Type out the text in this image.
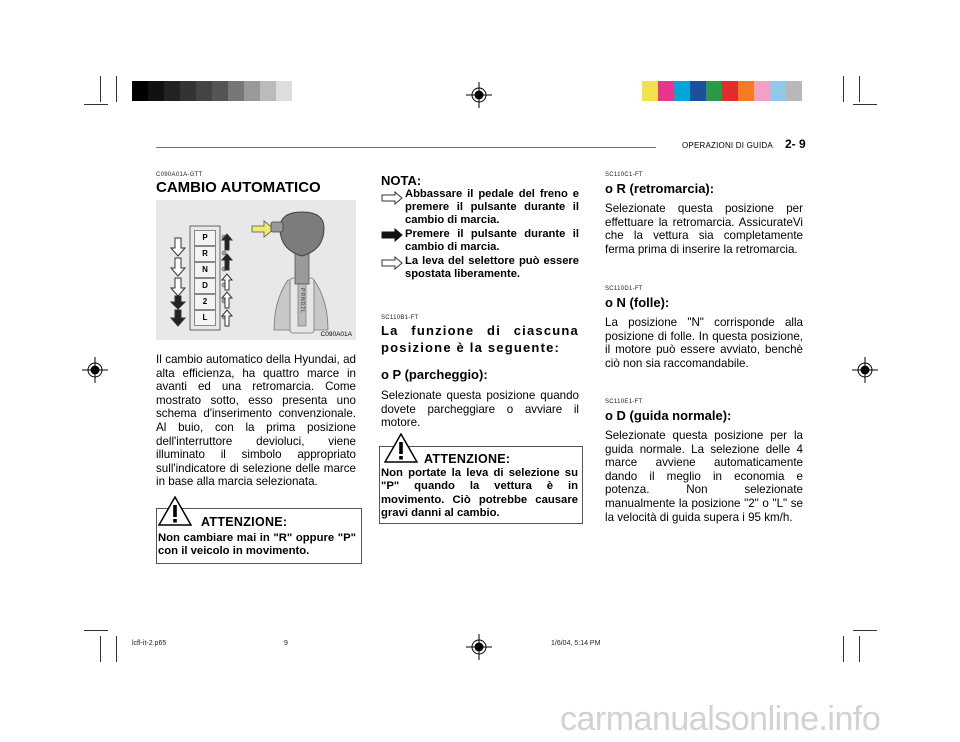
OPERAZIONI DI GUIDA 2- 9
C090A01A-GTT
CAMBIO AUTOMATICO
P
R
N
D
2
L
PRND2L
C090A01A
Il cambio automatico della Hyundai, ad alta efficienza, ha quattro marce in avanti ed una retromarcia. Come mostrato sotto, esso presenta uno schema d'inserimento convenzionale. Al buio, con la prima posizione dell'interruttore devioluci, viene illuminato il simbolo appropriato sull'indicatore di selezione delle marce in base alla marcia selezionata.
ATTENZIONE:
Non cambiare mai in "R" oppure "P" con il veicolo in movimento.
NOTA:
Abbassare il pedale del freno e premere il pulsante durante il cambio di marcia.
Premere il pulsante durante il cambio di marcia.
La leva del selettore può essere spostata liberamente.
SC110B1-FT
La funzione di ciascuna posizione è la seguente:
o P (parcheggio):
Selezionate questa posizione quando dovete parcheggiare o avviare il motore.
ATTENZIONE:
Non portate la leva di selezione su "P" quando la vettura è in movimento. Ciò potrebbe causare gravi danni al cambio.
SC110C1-FT
o R (retromarcia):
Selezionate questa posizione per effettuare la retromarcia. AssicurateVi che la vettura sia completamente ferma prima di inserire la retromarcia.
SC110D1-FT
o N (folle):
La posizione "N" corrisponde alla posizione di folle. In questa posizione, il motore può essere avviato, benchè ciò non sia raccomandabile.
SC110E1-FT
o D (guida normale):
Selezionate questa posizione per la guida normale. La selezione delle 4 marce avviene automaticamente dando il meglio in economia e potenza. Non selezionate manualmente la posizione "2" o "L" se la velocità di guida supera i 95 km/h.
lcfl-it-2.p65	9	1/6/04, 5:14 PM
carmanualsonline.info
